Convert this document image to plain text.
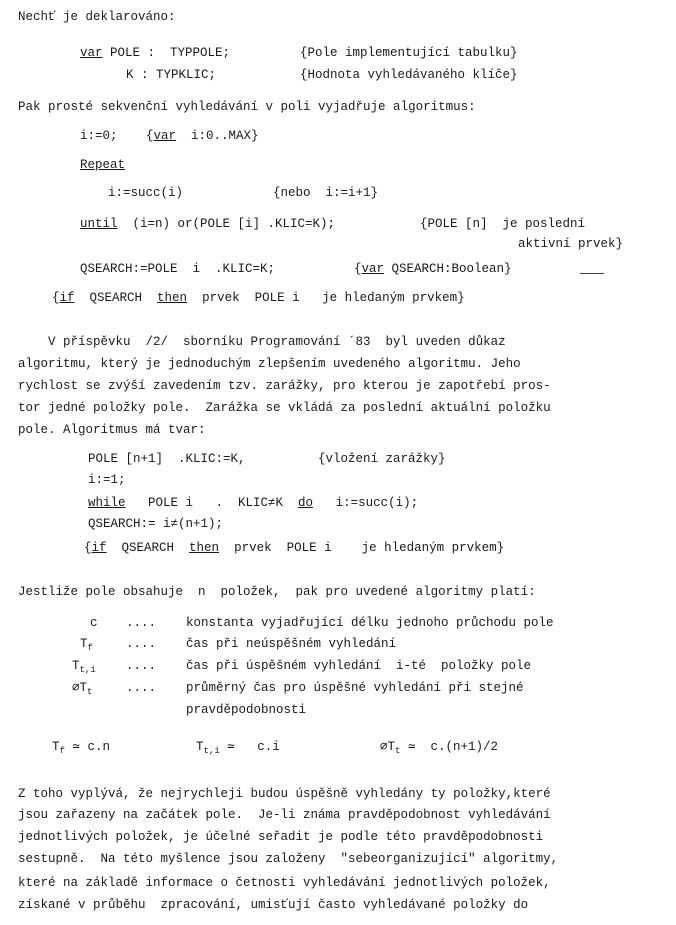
Nechť je deklarováno:
var POLE :  TYPPOLE;	{Pole implementující tabulku}
K : TYPKLIC;	{Hodnota vyhledávaného klíče}
Pak prosté sekvenční vyhledávání v poli vyjadřuje algoritmus:
i:=0; {var  i:0..MAX}
Repeat
i:=succ(i)	{nebo  i:=i+1}
until  (i=n) or(POLE [i] .KLIC=K);	{POLE [n]  je poslední
aktivní prvek}
QSEARCH:=POLE  i  .KLIC=K;	{var QSEARCH:Boolean}
{if  QSEARCH  then  prvek  POLE i   je hledaným prvkem}
V příspěvku  /2/  sborníku Programování ´83  byl uveden důkaz
algoritmu, který je jednoduchým zlepšením uvedeného algoritmu. Jeho
rychlost se zvýší zavedením tzv. zarážky, pro kterou je zapotřebí pros-
tor jedné položky pole.  Zarážka se vkládá za poslední aktuální položku
pole. Algoritmus má tvar:
POLE [n+1]  .KLIC:=K,	{vložení zarážky}
i:=1;
while   POLE i   .  KLIC≠K  do   i:=succ(i);
QSEARCH:= i≠(n+1);
{if  QSEARCH  then  prvek  POLE i    je hledaným prvkem}
Jestliže pole obsahuje  n  položek,  pak pro uvedené algoritmy platí:
c .... konstanta vyjadřující délku jednoho průchodu pole
$T_f$	.... čas při neúspěšném vyhledání
$T_{t,i}$ .... čas při úspěšném vyhledání  i-té  položky pole
$⌀T_t$	.... průměrný čas pro úspěšné vyhledání při stejné
pravděpodobnosti
$T_f$ ≃ c.n	$T_{t,i}$ ≃   c.i	$⌀T_t$ ≃  c.(n+1)/2
Z toho vyplývá, že nejrychleji budou úspěšně vyhledány ty položky,které
jsou zařazeny na začátek pole.  Je-li známa pravděpodobnost vyhledávání
jednotlivých položek, je účelné seřadit je podle této pravděpodobnosti
sestupně.  Na této myšlence jsou založeny  "sebeorganizující" algoritmy,
které na základě informace o četnosti vyhledávání jednotlivých položek,
získané v průběhu  zpracování, umisťují často vyhledávané položky do
